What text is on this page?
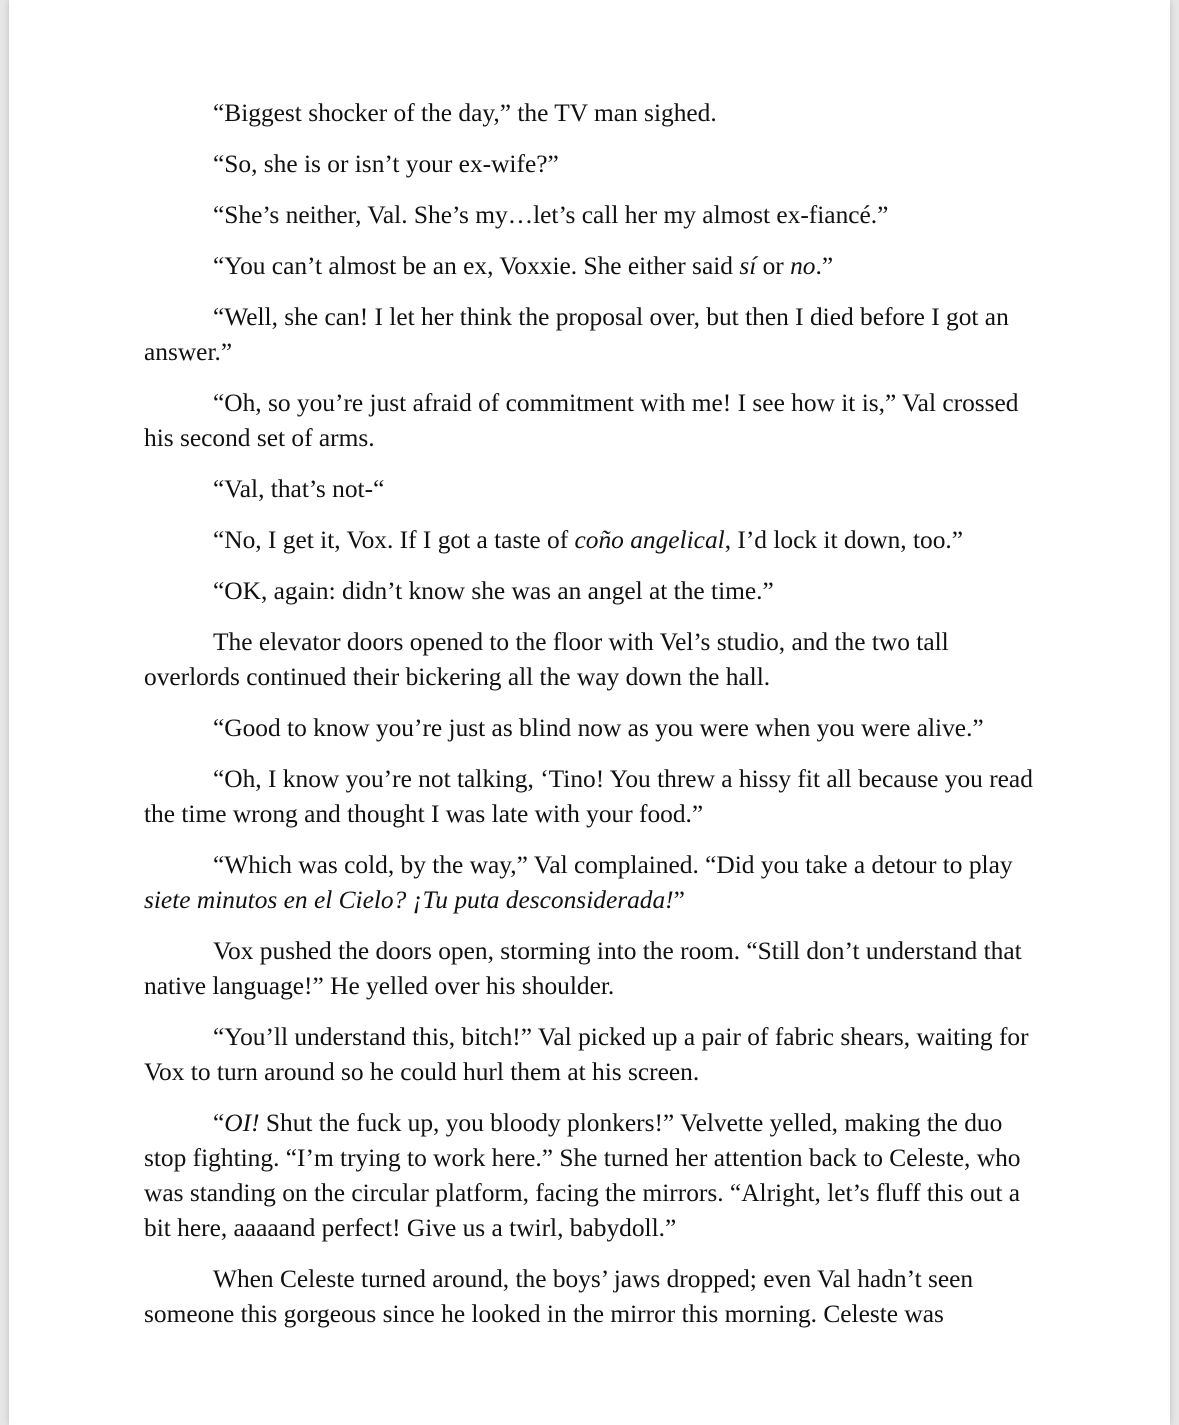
“Biggest shocker of the day,” the TV man sighed.

“So, she is or isn’t your ex-wife?”

“She’s neither, Val. She’s my…let’s call her my almost ex-fiancé.”

“You can’t almost be an ex, Voxxie. She either said sí or no.”

“Well, she can! I let her think the proposal over, but then I died before I got an answer.”

“Oh, so you’re just afraid of commitment with me! I see how it is,” Val crossed his second set of arms.

“Val, that’s not-“

“No, I get it, Vox. If I got a taste of coño angelical, I’d lock it down, too.”

“OK, again: didn’t know she was an angel at the time.”

The elevator doors opened to the floor with Vel’s studio, and the two tall overlords continued their bickering all the way down the hall.

“Good to know you’re just as blind now as you were when you were alive.”

“Oh, I know you’re not talking, ‘Tino! You threw a hissy fit all because you read the time wrong and thought I was late with your food.”

“Which was cold, by the way,” Val complained. “Did you take a detour to play siete minutos en el Cielo? ¡Tu puta desconsiderada!”

Vox pushed the doors open, storming into the room. “Still don’t understand that native language!” He yelled over his shoulder.

“You’ll understand this, bitch!” Val picked up a pair of fabric shears, waiting for Vox to turn around so he could hurl them at his screen.

“OI! Shut the fuck up, you bloody plonkers!” Velvette yelled, making the duo stop fighting. “I’m trying to work here.” She turned her attention back to Celeste, who was standing on the circular platform, facing the mirrors. “Alright, let’s fluff this out a bit here, aaaaand perfect! Give us a twirl, babydoll.”

When Celeste turned around, the boys’ jaws dropped; even Val hadn’t seen someone this gorgeous since he looked in the mirror this morning. Celeste was
